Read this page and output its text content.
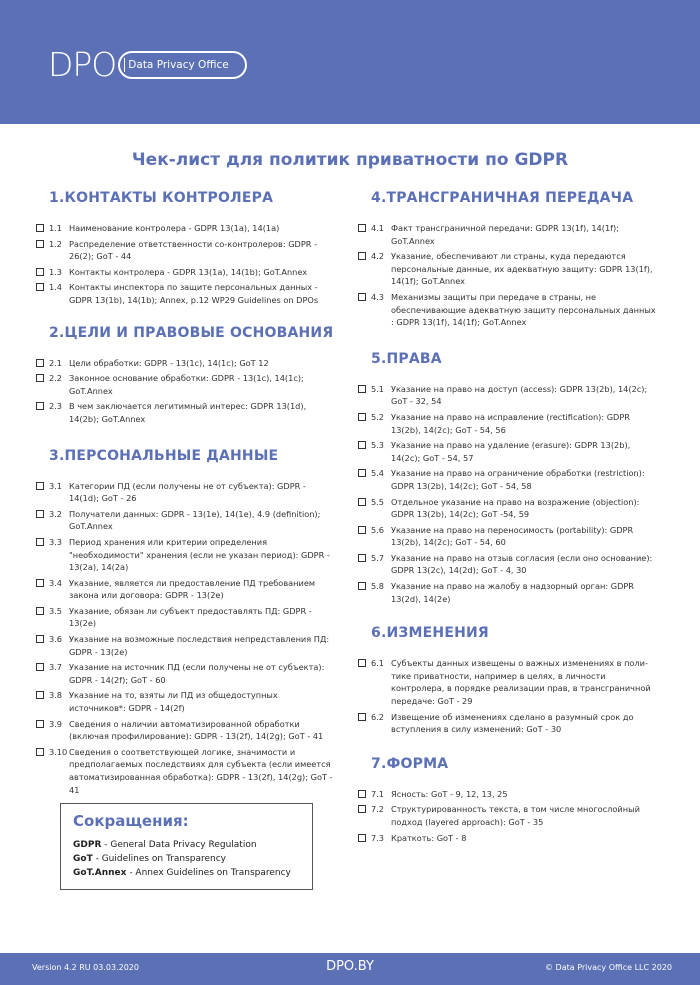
DPO	Data Privacy Office
Чек-лист для политик приватности по GDPR
1.КОНТАКТЫ КОНТРОЛЕРА
1.1 Наименование контролера - GDPR 13(1a), 14(1a)
1.2 Распределение ответственности со-контролеров: GDPR - 26(2); GoT - 44
1.3 Контакты контролера - GDPR 13(1a), 14(1b); GoT.Annex
1.4 Контакты инспектора по защите персональных данных - GDPR 13(1b), 14(1b); Annex, p.12 WP29 Guidelines on DPOs
2.ЦЕЛИ И ПРАВОВЫЕ ОСНОВАНИЯ
2.1 Цели обработки: GDPR - 13(1c), 14(1c); GoT 12
2.2 Законное основание обработки: GDPR - 13(1c), 14(1c); GoT.Annex
2.3 В чем заключается легитимный интерес: GDPR 13(1d), 14(2b); GoT.Annex
3.ПЕРСОНАЛЬНЫЕ ДАННЫЕ
3.1 Категории ПД (если получены не от субъекта): GDPR - 14(1d); GoT - 26
3.2 Получатели данных: GDPR - 13(1e), 14(1e), 4.9 (definition); GoT.Annex
3.3 Период хранения или критерии определения "необходимости" хранения (если не указан период): GDPR - 13(2a), 14(2a)
3.4 Указание, является ли предоставление ПД требованием закона или договора: GDPR - 13(2e)
3.5 Указание, обязан ли субъект предоставлять ПД: GDPR - 13(2e)
3.6 Указание на возможные последствия непредставления ПД: GDPR - 13(2e)
3.7 Указание на источник ПД (если получены не от субъекта): GDPR - 14(2f); GoT - 60
3.8 Указание на то, взяты ли ПД из общедоступных источников*: GDPR - 14(2f)
3.9 Сведения о наличии автоматизированной обработки (включая профилирование): GDPR - 13(2f), 14(2g); GoT - 41
3.10 Сведения о соответствующей логике, значимости и предполагаемых последствиях для субъекта (если имеется автоматизированная обработка): GDPR - 13(2f), 14(2g); GoT - 41
4.ТРАНСГРАНИЧНАЯ ПЕРЕДАЧА
4.1 Факт трансграничной передачи: GDPR 13(1f), 14(1f); GoT.Annex
4.2 Указание, обеспечивают ли страны, куда передаются персональные данные, их адекватную защиту: GDPR 13(1f), 14(1f); GoT.Annex
4.3 Механизмы защиты при передаче в страны, не обеспечивающие адекватную защиту персональных данных : GDPR 13(1f), 14(1f); GoT.Annex
5.ПРАВА
5.1 Указание на право на доступ (access): GDPR 13(2b), 14(2c); GoT - 32, 54
5.2 Указание на право на исправление (rectification): GDPR 13(2b), 14(2c); GoT - 54, 56
5.3 Указание на право на удаление (erasure): GDPR 13(2b), 14(2c); GoT - 54, 57
5.4 Указание на право на ограничение обработки (restriction): GDPR 13(2b), 14(2c); GoT - 54, 58
5.5 Отдельное указание на право на возражение (objection): GDPR 13(2b), 14(2c); GoT -54, 59
5.6 Указание на право на переносимость (portability): GDPR 13(2b), 14(2c); GoT - 54, 60
5.7 Указание на право на отзыв согласия (если оно основание): GDPR 13(2c), 14(2d); GoT - 4, 30
5.8 Указание на право на жалобу в надзорный орган: GDPR 13(2d), 14(2e)
6.ИЗМЕНЕНИЯ
6.1 Субъекты данных извещены о важных изменениях в поли-тике приватности, например в целях, в личности контролера, в порядке реализации прав, в трансграничной передаче: GoT - 29
6.2 Извещение об изменениях сделано в разумный срок до вступления в силу изменений: GoT - 30
7.ФОРМА
7.1 Ясность: GoT - 9, 12, 13, 25
7.2 Структурированность текста, в том числе многослойный подход (layered approach): GoT - 35
7.3 Краткоть: GoT - 8
Сокращения:
GDPR - General Data Privacy Regulation
GoT - Guidelines on Transparency
GoT.Annex - Annex Guidelines on Transparency
Version 4.2 RU 03.03.2020	DPO.BY	© Data Privacy Office LLC 2020
